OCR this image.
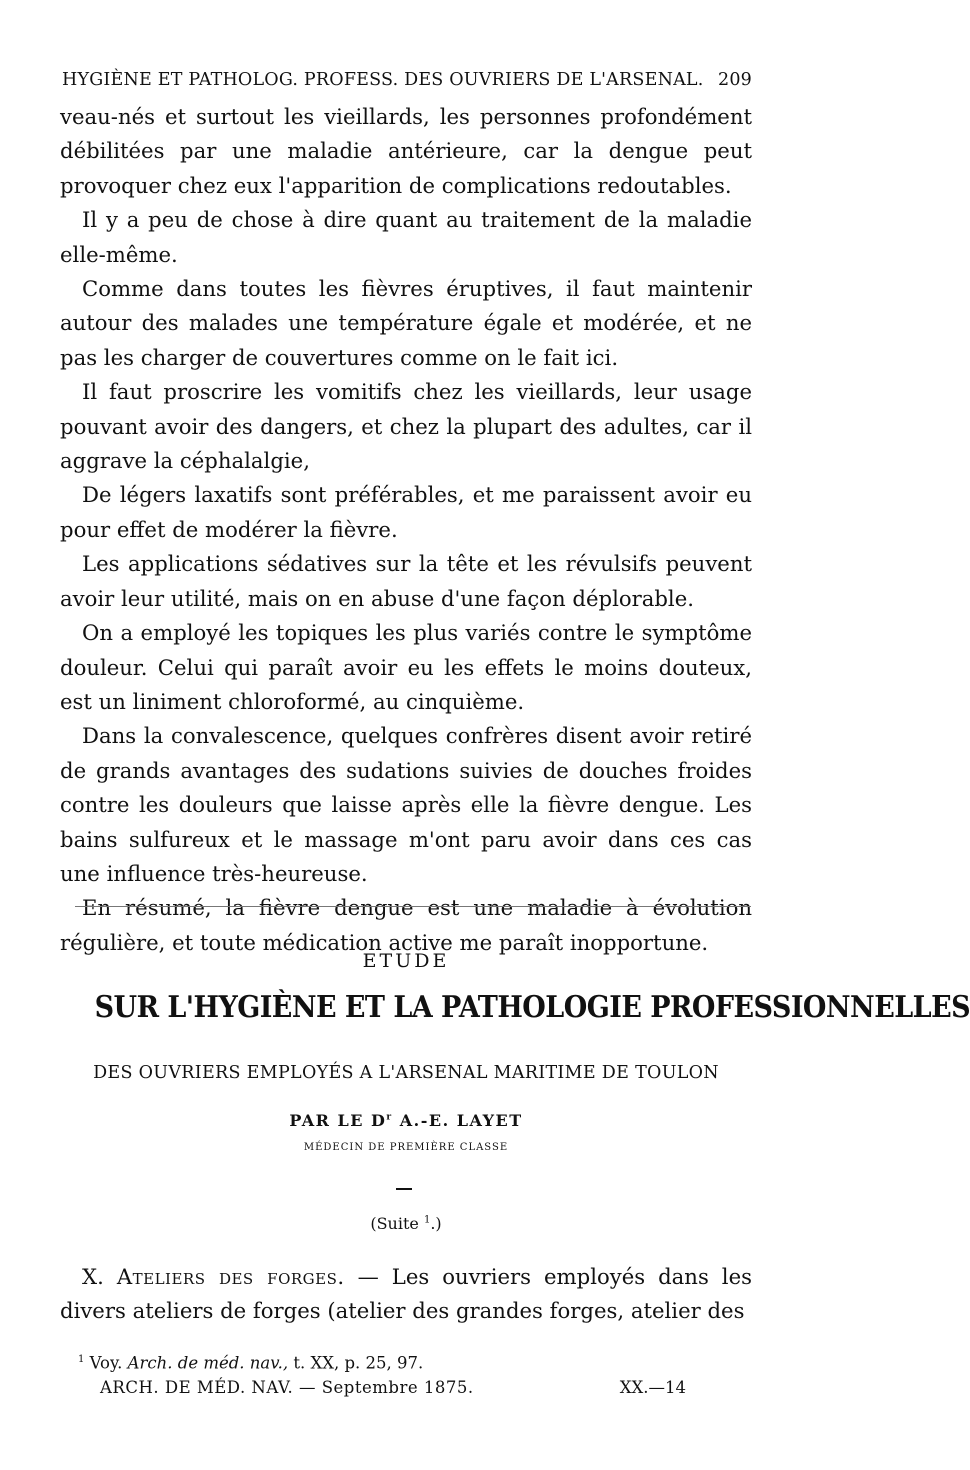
HYGIÈNE ET PATHOLOG. PROFESS. DES OUVRIERS DE L'ARSENAL. 209

veau-nés et surtout les vieillards, les personnes profondément débilitées par une maladie antérieure, car la dengue peut provoquer chez eux l'apparition de complications redoutables.

Il y a peu de chose à dire quant au traitement de la maladie elle-même.

Comme dans toutes les fièvres éruptives, il faut maintenir autour des malades une température égale et modérée, et ne pas les charger de couvertures comme on le fait ici.

Il faut proscrire les vomitifs chez les vieillards, leur usage pouvant avoir des dangers, et chez la plupart des adultes, car il aggrave la céphalalgie,

De légers laxatifs sont préférables, et me paraissent avoir eu pour effet de modérer la fièvre.

Les applications sédatives sur la tête et les révulsifs peuvent avoir leur utilité, mais on en abuse d'une façon déplorable.

On a employé les topiques les plus variés contre le symptôme douleur. Celui qui paraît avoir eu les effets le moins douteux, est un liniment chloroformé, au cinquième.

Dans la convalescence, quelques confrères disent avoir retiré de grands avantages des sudations suivies de douches froides contre les douleurs que laisse après elle la fièvre dengue. Les bains sulfureux et le massage m'ont paru avoir dans ces cas une influence très-heureuse.

En résumé, la fièvre dengue est une maladie à évolution régulière, et toute médication active me paraît inopportune.

ETUDE
SUR L'HYGIÈNE ET LA PATHOLOGIE PROFESSIONNELLES
DES OUVRIERS EMPLOYÉS A L'ARSENAL MARITIME DE TOULON
PAR LE $D^r$ A.-E. LAYET
MÉDECIN DE PREMIÈRE CLASSE
(Suite $^1$.)

X. Ateliers des forges. — Les ouvriers employés dans les divers ateliers de forges (atelier des grandes forges, atelier des

$^1$ Voy. Arch. de méd. nav., t. XX, p. 25, 97.
ARCH. DE MÉD. NAV. — Septembre 1875.	XX.—14
